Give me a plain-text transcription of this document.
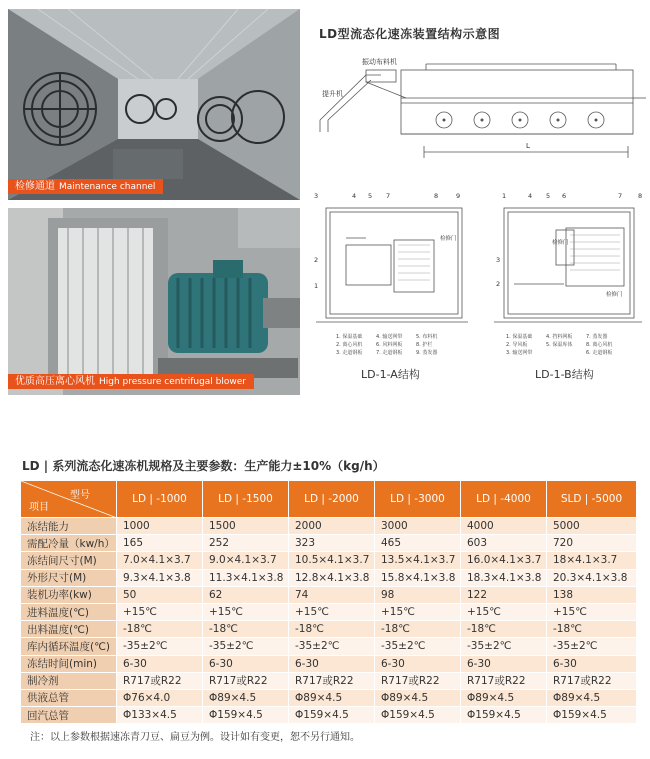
检修通道 Maintenance channel
优质高压离心风机 High pressure centrifugal blower
LD型流态化速冻装置结构示意图
振动布料机
提升机
L
3	4 5 7	8	9
2
1
检修门
1. 保温基础
2. 离心风机
3. 走道钢板
4. 输送网带
6. 风料网板
7. 走道钢板
5. 布料机
8. 护栏
9. 蒸发器
1	4 5 6	7 8
3
2
检修门
检修门
1. 保温基础
2. 导风板
3. 输送网带
4. 挡料网板
5. 保温库体
7. 蒸发器
8. 离心风机
6. 走道钢板
LD-1-A结构	LD-1-B结构
LD | 系列流态化速冻机规格及主要参数：生产能力±10%（kg/h）
型号
项目	LD | -1000	LD | -1500	LD | -2000	LD | -3000	LD | -4000	SLD | -5000
冻结能力	1000	1500	2000	3000	4000	5000
需配冷量（kw/h）	165	252	323	465	603	720
冻结间尺寸(M)	7.0×4.1×3.7	9.0×4.1×3.7	10.5×4.1×3.7	13.5×4.1×3.7	16.0×4.1×3.7	18×4.1×3.7
外形尺寸(M)	9.3×4.1×3.8	11.3×4.1×3.8	12.8×4.1×3.8	15.8×4.1×3.8	18.3×4.1×3.8	20.3×4.1×3.8
装机功率(kw)	50	62	74	98	122	138
进料温度(℃)	+15℃	+15℃	+15℃	+15℃	+15℃	+15℃
出料温度(℃)	-18℃	-18℃	-18℃	-18℃	-18℃	-18℃
库内循环温度(℃)	-35±2℃	-35±2℃	-35±2℃	-35±2℃	-35±2℃	-35±2℃
冻结时间(min)	6-30	6-30	6-30	6-30	6-30	6-30
制冷剂	R717或R22	R717或R22	R717或R22	R717或R22	R717或R22	R717或R22
供液总管	Φ76×4.0	Φ89×4.5	Φ89×4.5	Φ89×4.5	Φ89×4.5	Φ89×4.5
回汽总管	Φ133×4.5	Φ159×4.5	Φ159×4.5	Φ159×4.5	Φ159×4.5	Φ159×4.5
注：以上参数根据速冻青刀豆、扁豆为例。设计如有变更，恕不另行通知。
